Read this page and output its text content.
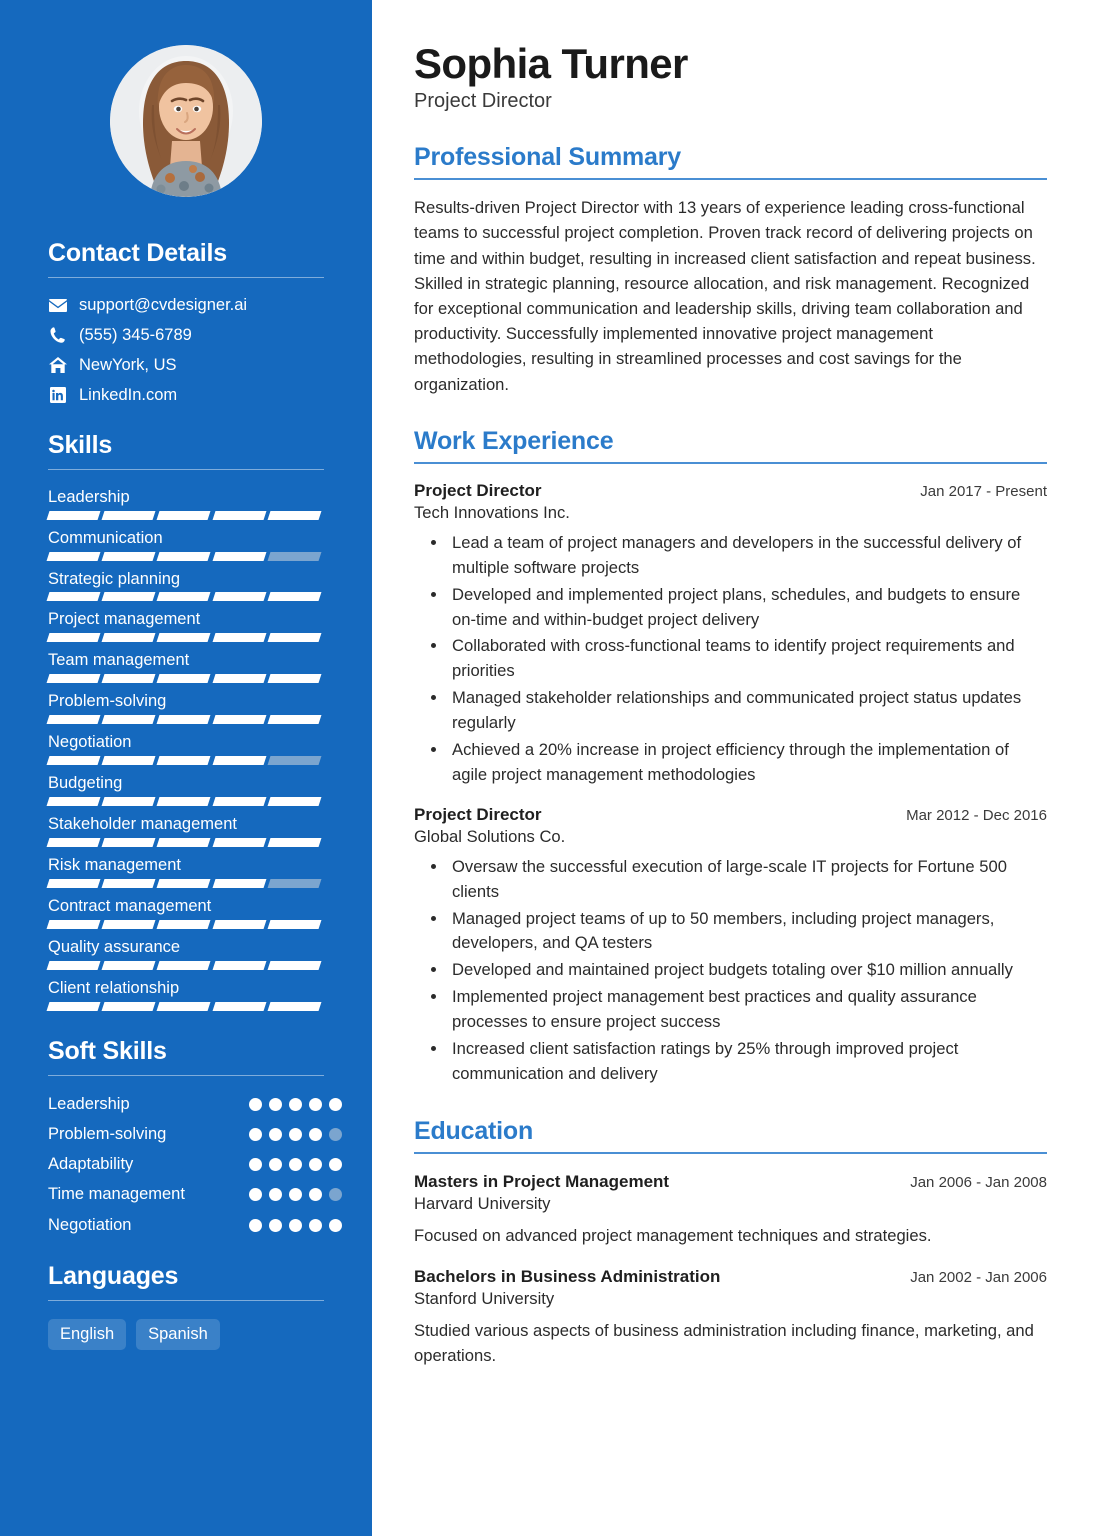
Contact Details
support@cvdesigner.ai
(555) 345-6789
NewYork, US
LinkedIn.com
Skills
Leadership
Communication
Strategic planning
Project management
Team management
Problem-solving
Negotiation
Budgeting
Stakeholder management
Risk management
Contract management
Quality assurance
Client relationship
Soft Skills
Leadership
Problem-solving
Adaptability
Time management
Negotiation
Languages
English	Spanish
Sophia Turner
Project Director
Professional Summary

Results-driven Project Director with 13 years of experience leading cross-functional teams to successful project completion. Proven track record of delivering projects on time and within budget, resulting in increased client satisfaction and repeat business. Skilled in strategic planning, resource allocation, and risk management. Recognized for exceptional communication and leadership skills, driving team collaboration and productivity. Successfully implemented innovative project management methodologies, resulting in streamlined processes and cost savings for the organization.

Work Experience
Project Director	Jan 2017 - Present
Tech Innovations Inc.
• Lead a team of project managers and developers in the successful delivery of multiple software projects
• Developed and implemented project plans, schedules, and budgets to ensure on-time and within-budget project delivery
• Collaborated with cross-functional teams to identify project requirements and priorities
• Managed stakeholder relationships and communicated project status updates regularly
• Achieved a 20% increase in project efficiency through the implementation of agile project management methodologies
Project Director	Mar 2012 - Dec 2016
Global Solutions Co.
• Oversaw the successful execution of large-scale IT projects for Fortune 500 clients
• Managed project teams of up to 50 members, including project managers, developers, and QA testers
• Developed and maintained project budgets totaling over $10 million annually
• Implemented project management best practices and quality assurance processes to ensure project success
• Increased client satisfaction ratings by 25% through improved project communication and delivery
Education
Masters in Project Management	Jan 2006 - Jan 2008
Harvard University
Focused on advanced project management techniques and strategies.
Bachelors in Business Administration	Jan 2002 - Jan 2006
Stanford University
Studied various aspects of business administration including finance, marketing, and operations.
